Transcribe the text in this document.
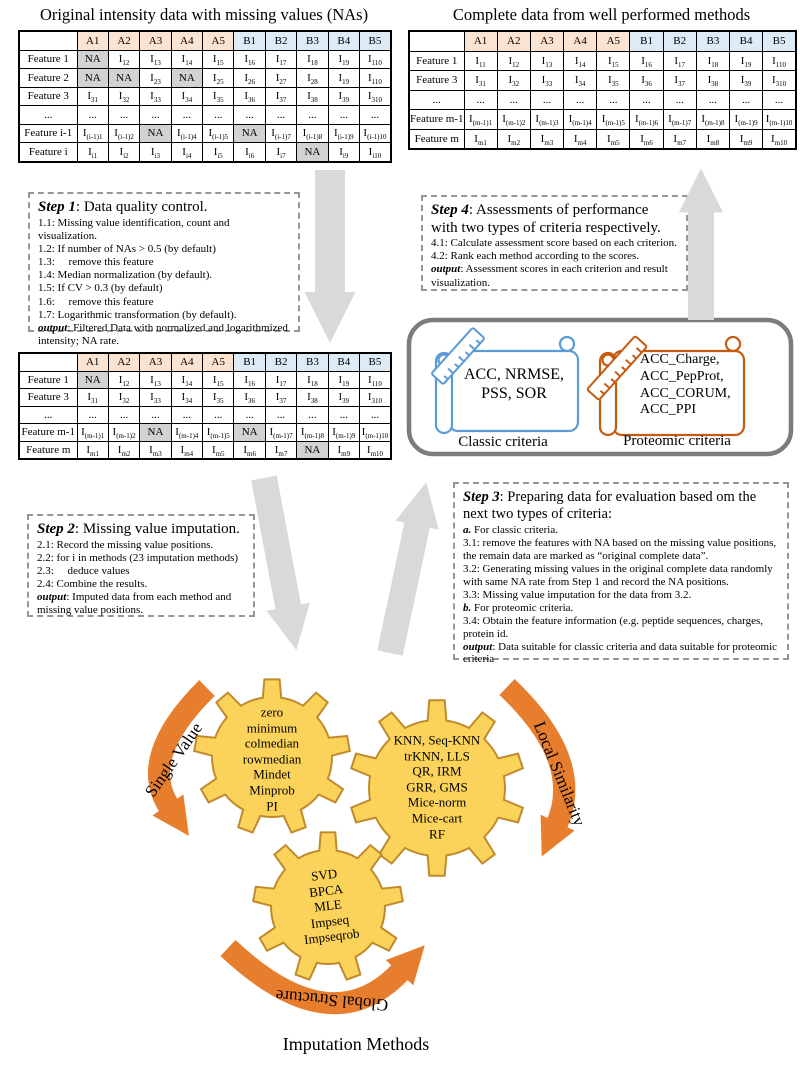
Original intensity data with missing values (NAs)	Complete data from well performed methods
	A1	A2	A3	A4	A5	B1	B2	B3	B4	B5
Feature 1	NA	$I_{12}$	$I_{13}$	$I_{14}$	$I_{15}$	$I_{16}$	$I_{17}$	$I_{18}$	$I_{19}$	$I_{110}$
Feature 2	NA	NA	$I_{23}$	NA	$I_{25}$	$I_{26}$	$I_{27}$	$I_{28}$	$I_{19}$	$I_{110}$
Feature 3	$I_{31}$	$I_{32}$	$I_{33}$	$I_{34}$	$I_{35}$	$I_{36}$	$I_{37}$	$I_{38}$	$I_{39}$	$I_{310}$
...	...	...	...	...	...	...	...	...	...	...
Feature i-1	$I_{(i-1)1}$	$I_{(i-1)2}$	NA	$I_{(i-1)4}$	$I_{(i-1)5}$	NA	$I_{(i-1)7}$	$I_{(i-1)8}$	$I_{(i-1)9}$	$I_{(i-1)10}$
Feature i	$I_{i1}$	$I_{i2}$	$I_{i3}$	$I_{i4}$	$I_{i5}$	$I_{i6}$	$I_{i7}$	NA	$I_{i9}$	$I_{i10}$
	A1	A2	A3	A4	A5	B1	B2	B3	B4	B5
Feature 1	$I_{11}$	$I_{12}$	$I_{13}$	$I_{14}$	$I_{15}$	$I_{16}$	$I_{17}$	$I_{18}$	$I_{19}$	$I_{110}$
Feature 3	$I_{31}$	$I_{32}$	$I_{33}$	$I_{34}$	$I_{35}$	$I_{36}$	$I_{37}$	$I_{38}$	$I_{39}$	$I_{310}$
...	...	...	...	...	...	...	...	...	...	...
Feature m-1	$I_{(m-1)1}$	$I_{(m-1)2}$	$I_{(m-1)3}$	$I_{(m-1)4}$	$I_{(m-1)5}$	$I_{(m-1)6}$	$I_{(m-1)7}$	$I_{(m-1)8}$	$I_{(m-1)9}$	$I_{(m-1)10}$
Feature m	$I_{m1}$	$I_{m2}$	$I_{m3}$	$I_{m4}$	$I_{m5}$	$I_{m6}$	$I_{m7}$	$I_{m8}$	$I_{m9}$	$I_{m10}$
	A1	A2	A3	A4	A5	B1	B2	B3	B4	B5
Feature 1	NA	$I_{12}$	$I_{13}$	$I_{14}$	$I_{15}$	$I_{16}$	$I_{17}$	$I_{18}$	$I_{19}$	$I_{110}$
Feature 3	$I_{31}$	$I_{32}$	$I_{33}$	$I_{34}$	$I_{35}$	$I_{36}$	$I_{37}$	$I_{38}$	$I_{39}$	$I_{310}$
...	...	...	...	...	...	...	...	...	...	...
Feature m-1	$I_{(m-1)1}$	$I_{(m-1)2}$	NA	$I_{(m-1)4}$	$I_{(m-1)5}$	NA	$I_{(m-1)7}$	$I_{(m-1)8}$	$I_{(m-1)9}$	$I_{(m-1)10}$
Feature m	$I_{m1}$	$I_{m2}$	$I_{m3}$	$I_{m4}$	$I_{m5}$	$I_{m6}$	$I_{m7}$	NA	$I_{m9}$	$I_{m10}$
Step 1: Data quality control.
1.1: Missing value identification, count and visualization.
1.2: If number of NAs > 0.5 (by default)
1.3:     remove this feature
1.4: Median normalization (by default).
1.5: If CV > 0.3 (by default)
1.6:     remove this feature
1.7: Logarithmic transformation (by default).
output: Filtered Data with normalized and logarithmized intensity; NA rate.
Step 2: Missing value imputation.
2.1: Record the missing value positions.
2.2: for i in methods (23 imputation methods)
2.3:     deduce values
2.4: Combine the results.
output: Imputed data from each method and missing value positions.
Step 3: Preparing data for evaluation based om the next two types of criteria:
a. For classic criteria.
3.1: remove the features with NA based on the missing value positions, the remain data are marked as “original complete data”.
3.2: Generating missing values in the original complete data randomly with same NA rate from Step 1 and record the NA positions.
3.3: Missing value imputation for the data from 3.2.
b. For proteomic criteria.
3.4: Obtain the feature information (e.g. peptide sequences, charges, protein id.
output: Data suitable for classic criteria and data suitable for proteomic criteria
Step 4: Assessments of performance with two types of criteria respectively.
4.1: Calculate assessment score based on each criterion.
4.2: Rank each method according to the scores.
output: Assessment scores in each criterion and result visualization.
ACC, NRMSE,
PSS, SOR
ACC_Charge,
ACC_PepProt,
ACC_CORUM,
ACC_PPI
Classic criteria	Proteomic criteria
zero
minimum
colmedian
rowmedian
Mindet
Minprob
PI
KNN, Seq-KNN
trKNN, LLS
QR, IRM
GRR, GMS
Mice-norm
Mice-cart
RF
SVD
BPCA
MLE
Impseq
Impseqrob
Single Value	Local Similarity
Global Structure
Imputation Methods
